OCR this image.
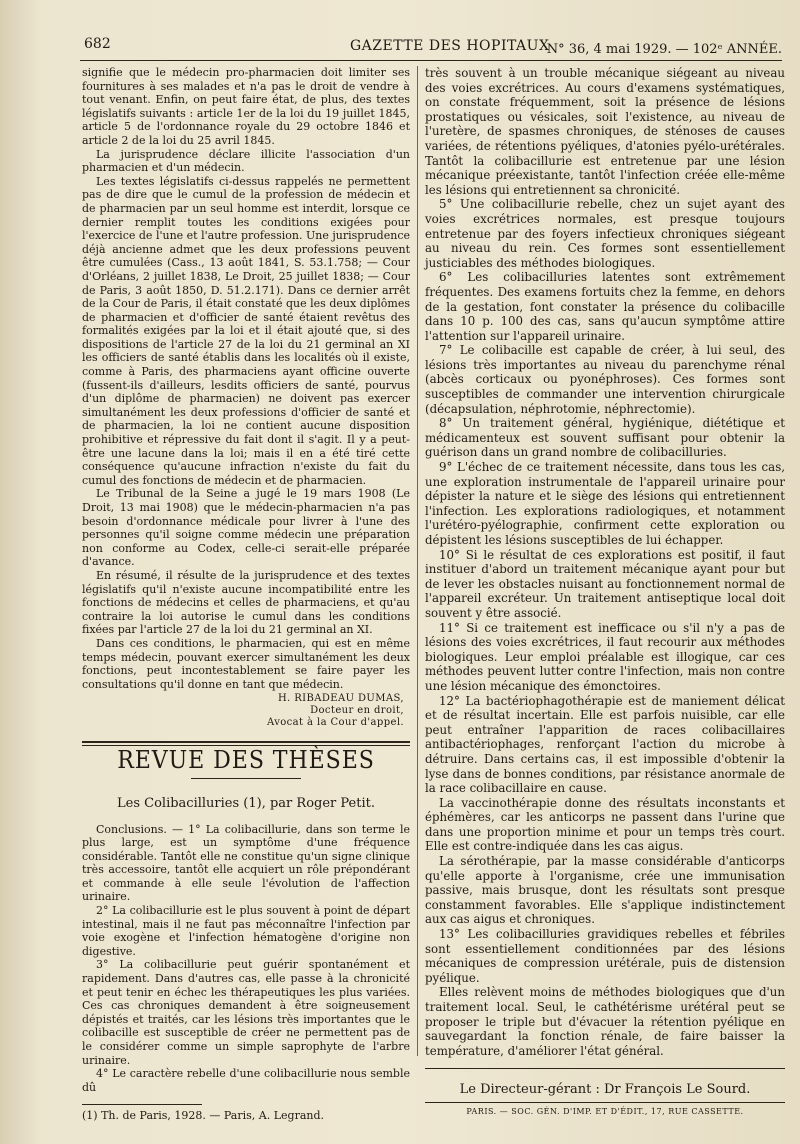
682	GAZETTE DES HOPITAUX
N° 36, 4 mai 1929. — 102ᵉ ANNÉE.

signifie que le médecin pro-pharmacien doit limiter ses fournitures à ses malades et n'a pas le droit de vendre à tout venant. Enfin, on peut faire état, de plus, des textes législatifs suivants : article 1er de la loi du 19 juillet 1845, article 5 de l'ordonnance royale du 29 octobre 1846 et article 2 de la loi du 25 avril 1845.

La jurisprudence déclare illicite l'association d'un pharmacien et d'un médecin.

Les textes législatifs ci-dessus rappelés ne permettent pas de dire que le cumul de la profession de médecin et de pharmacien par un seul homme est interdit, lorsque ce dernier remplit toutes les conditions exigées pour l'exercice de l'une et l'autre profession. Une jurisprudence déjà ancienne admet que les deux professions peuvent être cumulées (Cass., 13 août 1841, S. 53.1.758; — Cour d'Orléans, 2 juillet 1838, Le Droit, 25 juillet 1838; — Cour de Paris, 3 août 1850, D. 51.2.171). Dans ce dernier arrêt de la Cour de Paris, il était constaté que les deux diplômes de pharmacien et d'officier de santé étaient revêtus des formalités exigées par la loi et il était ajouté que, si des dispositions de l'article 27 de la loi du 21 germinal an XI les officiers de santé établis dans les localités où il existe, comme à Paris, des pharmaciens ayant officine ouverte (fussent-ils d'ailleurs, lesdits officiers de santé, pourvus d'un diplôme de pharmacien) ne doivent pas exercer simultanément les deux professions d'officier de santé et de pharmacien, la loi ne contient aucune disposition prohibitive et répressive du fait dont il s'agit. Il y a peut-être une lacune dans la loi; mais il en a été tiré cette conséquence qu'aucune infraction n'existe du fait du cumul des fonctions de médecin et de pharmacien.

Le Tribunal de la Seine a jugé le 19 mars 1908 (Le Droit, 13 mai 1908) que le médecin-pharmacien n'a pas besoin d'ordonnance médicale pour livrer à l'une des personnes qu'il soigne comme médecin une préparation non conforme au Codex, celle-ci serait-elle préparée d'avance.

En résumé, il résulte de la jurisprudence et des textes législatifs qu'il n'existe aucune incompatibilité entre les fonctions de médecins et celles de pharmaciens, et qu'au contraire la loi autorise le cumul dans les conditions fixées par l'article 27 de la loi du 21 germinal an XI.

Dans ces conditions, le pharmacien, qui est en même temps médecin, pouvant exercer simultanément les deux fonctions, peut incontestablement se faire payer les consultations qu'il donne en tant que médecin.

H. RIBADEAU DUMAS,
Docteur en droit,
Avocat à la Cour d'appel.
REVUE DES THÈSES
Les Colibacilluries (1), par Roger Petit.

Conclusions. — 1° La colibacillurie, dans son terme le plus large, est un symptôme d'une fréquence considérable. Tantôt elle ne constitue qu'un signe clinique très accessoire, tantôt elle acquiert un rôle prépondérant et commande à elle seule l'évolution de l'affection urinaire.

2° La colibacillurie est le plus souvent à point de départ intestinal, mais il ne faut pas méconnaître l'infection par voie exogène et l'infection hématogène d'origine non digestive.

3° La colibacillurie peut guérir spontanément et rapidement. Dans d'autres cas, elle passe à la chronicité et peut tenir en échec les thérapeutiques les plus variées. Ces cas chroniques demandent à être soigneusement dépistés et traités, car les lésions très importantes que le colibacille est susceptible de créer ne permettent pas de le considérer comme un simple saprophyte de l'arbre urinaire.

4° Le caractère rebelle d'une colibacillurie nous semble dû

(1) Th. de Paris, 1928. — Paris, A. Legrand.

très souvent à un trouble mécanique siégeant au niveau des voies excrétrices. Au cours d'examens systématiques, on constate fréquemment, soit la présence de lésions prostatiques ou vésicales, soit l'existence, au niveau de l'uretère, de spasmes chroniques, de sténoses de causes variées, de rétentions pyéliques, d'atonies pyélo-urétérales. Tantôt la colibacillurie est entretenue par une lésion mécanique préexistante, tantôt l'infection créée elle-même les lésions qui entretiennent sa chronicité.

5° Une colibacillurie rebelle, chez un sujet ayant des voies excrétrices normales, est presque toujours entretenue par des foyers infectieux chroniques siégeant au niveau du rein. Ces formes sont essentiellement justiciables des méthodes biologiques.

6° Les colibacilluries latentes sont extrêmement fréquentes. Des examens fortuits chez la femme, en dehors de la gestation, font constater la présence du colibacille dans 10 p. 100 des cas, sans qu'aucun symptôme attire l'attention sur l'appareil urinaire.

7° Le colibacille est capable de créer, à lui seul, des lésions très importantes au niveau du parenchyme rénal (abcès corticaux ou pyonéphroses). Ces formes sont susceptibles de commander une intervention chirurgicale (décapsulation, néphrotomie, néphrectomie).

8° Un traitement général, hygiénique, diététique et médicamenteux est souvent suffisant pour obtenir la guérison dans un grand nombre de colibacilluries.

9° L'échec de ce traitement nécessite, dans tous les cas, une exploration instrumentale de l'appareil urinaire pour dépister la nature et le siège des lésions qui entretiennent l'infection. Les explorations radiologiques, et notamment l'urétéro-pyélographie, confirment cette exploration ou dépistent les lésions susceptibles de lui échapper.

10° Si le résultat de ces explorations est positif, il faut instituer d'abord un traitement mécanique ayant pour but de lever les obstacles nuisant au fonctionnement normal de l'appareil excréteur. Un traitement antiseptique local doit souvent y être associé.

11° Si ce traitement est inefficace ou s'il n'y a pas de lésions des voies excrétrices, il faut recourir aux méthodes biologiques. Leur emploi préalable est illogique, car ces méthodes peuvent lutter contre l'infection, mais non contre une lésion mécanique des émonctoires.

12° La bactériophagothérapie est de maniement délicat et de résultat incertain. Elle est parfois nuisible, car elle peut entraîner l'apparition de races colibacillaires antibactériophages, renforçant l'action du microbe à détruire. Dans certains cas, il est impossible d'obtenir la lyse dans de bonnes conditions, par résistance anormale de la race colibacillaire en cause.

La vaccinothérapie donne des résultats inconstants et éphémères, car les anticorps ne passent dans l'urine que dans une proportion minime et pour un temps très court. Elle est contre-indiquée dans les cas aigus.

La sérothérapie, par la masse considérable d'anticorps qu'elle apporte à l'organisme, crée une immunisation passive, mais brusque, dont les résultats sont presque constamment favorables. Elle s'applique indistinctement aux cas aigus et chroniques.

13° Les colibacilluries gravidiques rebelles et fébriles sont essentiellement conditionnées par des lésions mécaniques de compression urétérale, puis de distension pyélique.

Elles relèvent moins de méthodes biologiques que d'un traitement local. Seul, le cathétérisme urétéral peut se proposer le triple but d'évacuer la rétention pyélique en sauvegardant la fonction rénale, de faire baisser la température, d'améliorer l'état général.

Le Directeur-gérant : Dr François Le Sourd.
PARIS. — SOC. GÉN. D'IMP. ET D'ÉDIT., 17, RUE CASSETTE.
